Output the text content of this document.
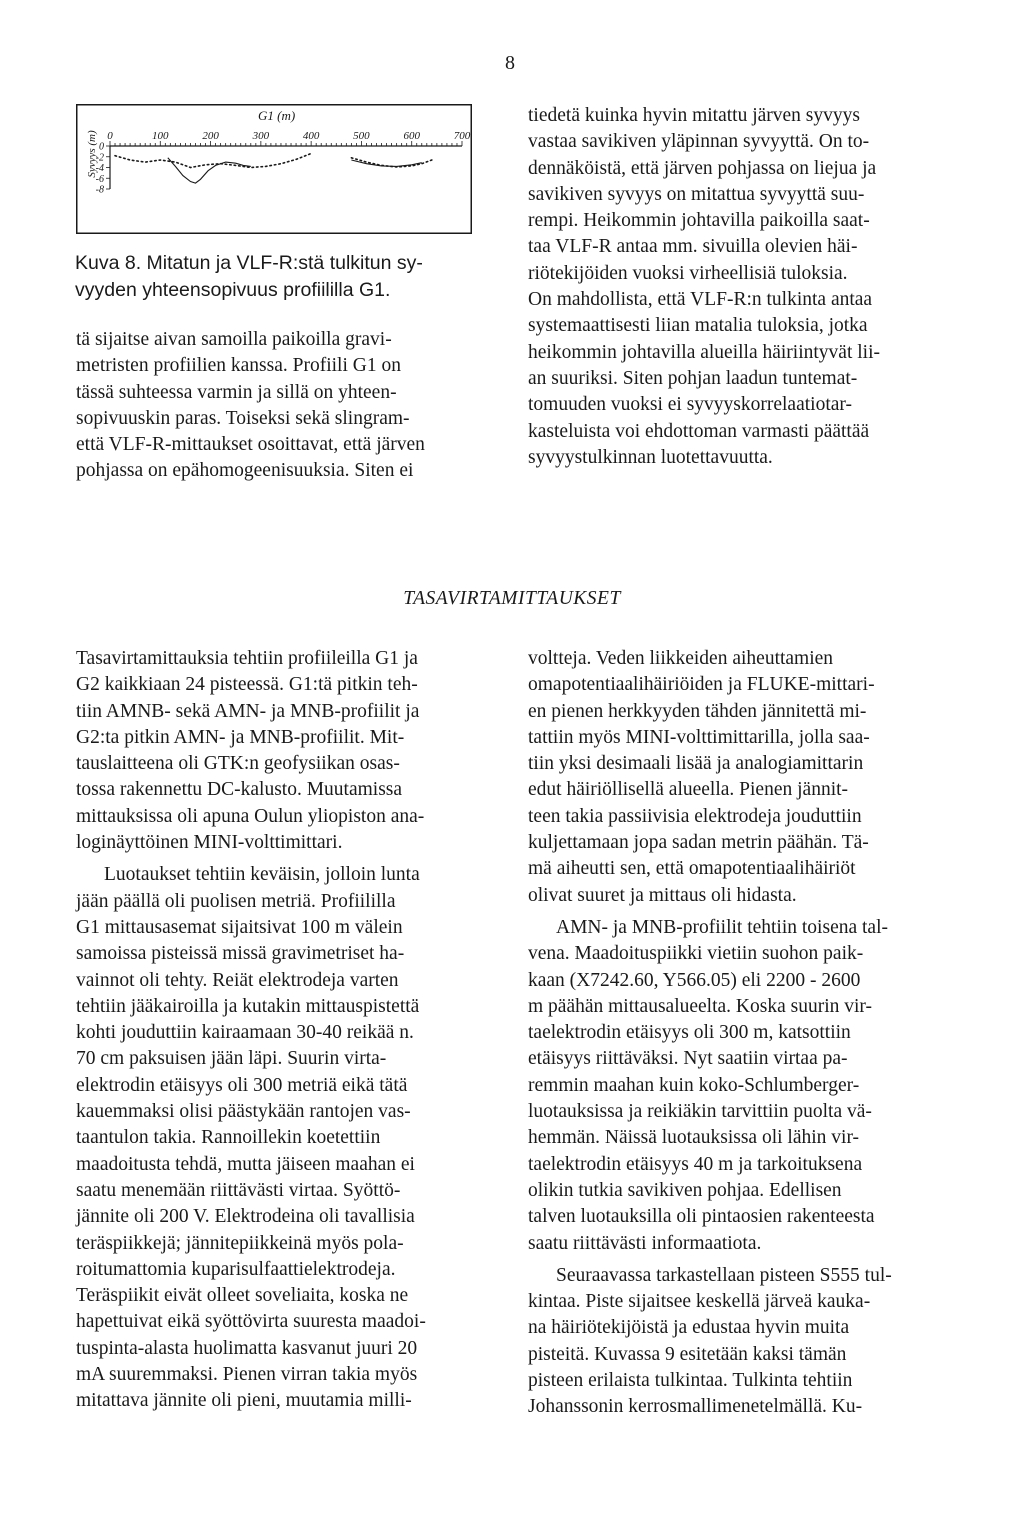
8
G1 (m)
Syvyys (m) 0	100	200	300	400	500	600	700
0
-2
-4
-6
-8
Kuva 8. Mitatun ja VLF-R:stä tulkitun sy-
vyyden yhteensopivuus profiililla G1.

tä sijaitse aivan samoilla paikoilla gravi-
metristen profiilien kanssa. Profiili G1 on
tässä suhteessa varmin ja sillä on yhteen-
sopivuuskin paras. Toiseksi sekä slingram-
että VLF-R-mittaukset osoittavat, että järven
pohjassa on epähomogeenisuuksia. Siten ei

tiedetä kuinka hyvin mitattu järven syvyys
vastaa savikiven yläpinnan syvyyttä. On to-
dennäköistä, että järven pohjassa on liejua ja
savikiven syvyys on mitattua syvyyttä suu-
rempi. Heikommin johtavilla paikoilla saat-
taa VLF-R antaa mm. sivuilla olevien häi-
riötekijöiden vuoksi virheellisiä tuloksia.
On mahdollista, että VLF-R:n tulkinta antaa
systemaattisesti liian matalia tuloksia, jotka
heikommin johtavilla alueilla häiriintyvät lii-
an suuriksi. Siten pohjan laadun tuntemat-
tomuuden vuoksi ei syvyyskorrelaatiotar-
kasteluista voi ehdottoman varmasti päättää
syvyystulkinnan luotettavuutta.

TASAVIRTAMITTAUKSET

Tasavirtamittauksia tehtiin profiileilla G1 ja
G2 kaikkiaan 24 pisteessä. G1:tä pitkin teh-
tiin AMNB- sekä AMN- ja MNB-profiilit ja
G2:ta pitkin AMN- ja MNB-profiilit. Mit-
tauslaitteena oli GTK:n geofysiikan osas-
tossa rakennettu DC-kalusto. Muutamissa
mittauksissa oli apuna Oulun yliopiston ana-
loginäyttöinen MINI-volttimittari.

Luotaukset tehtiin keväisin, jolloin lunta
jään päällä oli puolisen metriä. Profiililla
G1 mittausasemat sijaitsivat 100 m välein
samoissa pisteissä missä gravimetriset ha-
vainnot oli tehty. Reiät elektrodeja varten
tehtiin jääkairoilla ja kutakin mittauspistettä
kohti jouduttiin kairaamaan 30-40 reikää n.
70 cm paksuisen jään läpi. Suurin virta-
elektrodin etäisyys oli 300 metriä eikä tätä
kauemmaksi olisi päästykään rantojen vas-
taantulon takia. Rannoillekin koetettiin
maadoitusta tehdä, mutta jäiseen maahan ei
saatu menemään riittävästi virtaa. Syöttö-
jännite oli 200 V. Elektrodeina oli tavallisia
teräspiikkejä; jännitepiikkeinä myös pola-
roitumattomia kuparisulfaattielektrodeja.
Teräspiikit eivät olleet soveliaita, koska ne
hapettuivat eikä syöttövirta suuresta maadoi-
tuspinta-alasta huolimatta kasvanut juuri 20
mA suuremmaksi. Pienen virran takia myös
mitattava jännite oli pieni, muutamia milli-

voltteja. Veden liikkeiden aiheuttamien
omapotentiaalihäiriöiden ja FLUKE-mittari-
en pienen herkkyyden tähden jännitettä mi-
tattiin myös MINI-volttimittarilla, jolla saa-
tiin yksi desimaali lisää ja analogiamittarin
edut häiriöllisellä alueella. Pienen jännit-
teen takia passiivisia elektrodeja jouduttiin
kuljettamaan jopa sadan metrin päähän. Tä-
mä aiheutti sen, että omapotentiaalihäiriöt
olivat suuret ja mittaus oli hidasta.

AMN- ja MNB-profiilit tehtiin toisena tal-
vena. Maadoituspiikki vietiin suohon paik-
kaan (X7242.60, Y566.05) eli 2200 - 2600
m päähän mittausalueelta. Koska suurin vir-
taelektrodin etäisyys oli 300 m, katsottiin
etäisyys riittäväksi. Nyt saatiin virtaa pa-
remmin maahan kuin koko-Schlumberger-
luotauksissa ja reikiäkin tarvittiin puolta vä-
hemmän. Näissä luotauksissa oli lähin vir-
taelektrodin etäisyys 40 m ja tarkoituksena
olikin tutkia savikiven pohjaa. Edellisen
talven luotauksilla oli pintaosien rakenteesta
saatu riittävästi informaatiota.

Seuraavassa tarkastellaan pisteen S555 tul-
kintaa. Piste sijaitsee keskellä järveä kauka-
na häiriötekijöistä ja edustaa hyvin muita
pisteitä. Kuvassa 9 esitetään kaksi tämän
pisteen erilaista tulkintaa. Tulkinta tehtiin
Johanssonin kerrosmallimenetelmällä. Ku-
